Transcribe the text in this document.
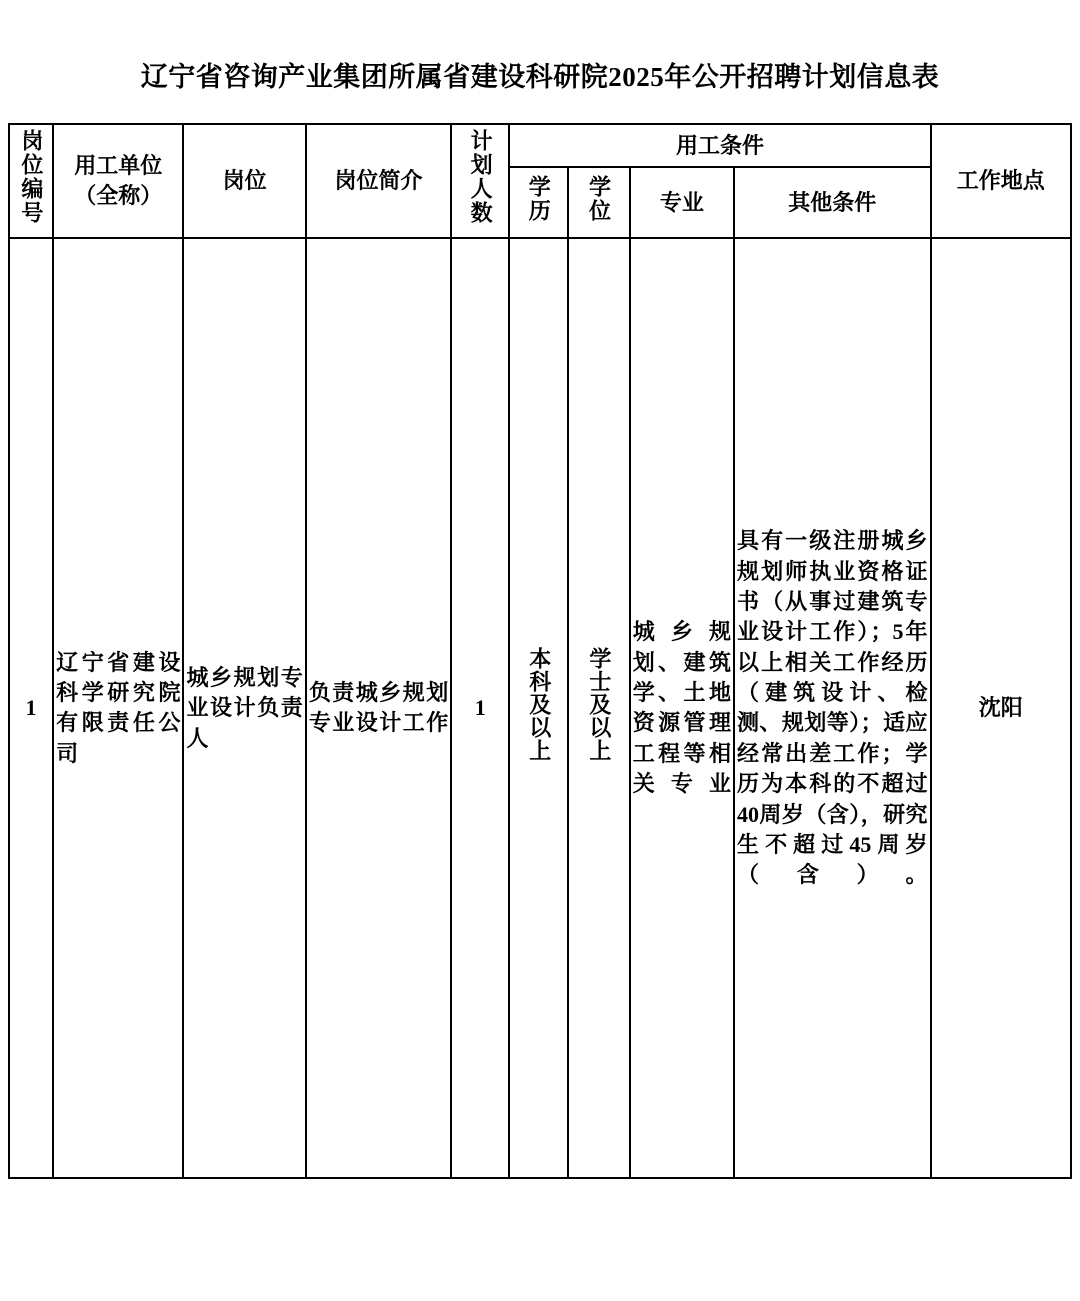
辽宁省咨询产业集团所属省建设科研院2025年公开招聘计划信息表
岗位编号	用工单位（全称）	岗位	岗位简介	计划人数	用工条件				工作地点
					学历	学位	专业	其他条件	
1	辽宁省建设科学研究院有限责任公司	城乡规划专业设计负责人	负责城乡规划专业设计工作	1	本科及以上	学士及以上	城乡规划、建筑学、土地资源管理工程等相关专业	具有一级注册城乡规划师执业资格证书（从事过建筑专业设计工作）；5年以上相关工作经历（建筑设计、检测、规划等）；适应经常出差工作；学历为本科的不超过40周岁（含），研究生不超过45周岁（含）。	沈阳
